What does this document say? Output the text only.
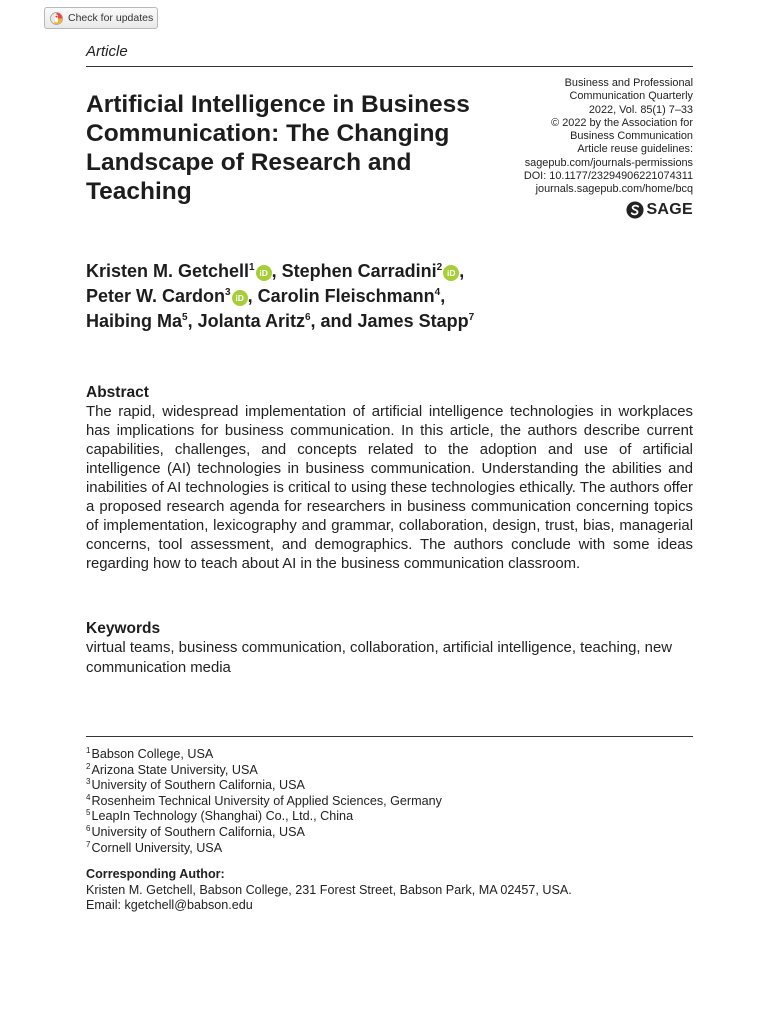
Check for updates
Article
Artificial Intelligence in Business Communication: The Changing Landscape of Research and Teaching
Business and Professional
Communication Quarterly
2022, Vol. 85(1) 7–33
© 2022 by the Association for
Business Communication
Article reuse guidelines:
sagepub.com/journals-permissions
DOI: 10.1177/23294906221074311
journals.sagepub.com/home/bcq
SAGE
Kristen M. Getchell$^1$ iD , Stephen Carradini$^2$ iD ,
Peter W. Cardon$^3$ iD , Carolin Fleischmann$^4$,
Haibing Ma$^5$, Jolanta Aritz$^6$, and James Stapp$^7$
Abstract

The rapid, widespread implementation of artificial intelligence technologies in workplaces has implications for business communication. In this article, the authors describe current capabilities, challenges, and concepts related to the adoption and use of artificial intelligence (AI) technologies in business communication. Understanding the abilities and inabilities of AI technologies is critical to using these technologies ethically. The authors offer a proposed research agenda for researchers in business communication concerning topics of implementation, lexicography and grammar, collaboration, design, trust, bias, managerial concerns, tool assessment, and demographics. The authors conclude with some ideas regarding how to teach about AI in the business communication classroom.

Keywords

virtual teams, business communication, collaboration, artificial intelligence, teaching, new communication media

$^1$Babson College, USA
$^2$Arizona State University, USA
$^3$University of Southern California, USA
$^4$Rosenheim Technical University of Applied Sciences, Germany
$^5$LeapIn Technology (Shanghai) Co., Ltd., China
$^6$University of Southern California, USA
$^7$Cornell University, USA
Corresponding Author:
Kristen M. Getchell, Babson College, 231 Forest Street, Babson Park, MA 02457, USA.
Email: kgetchell@babson.edu
